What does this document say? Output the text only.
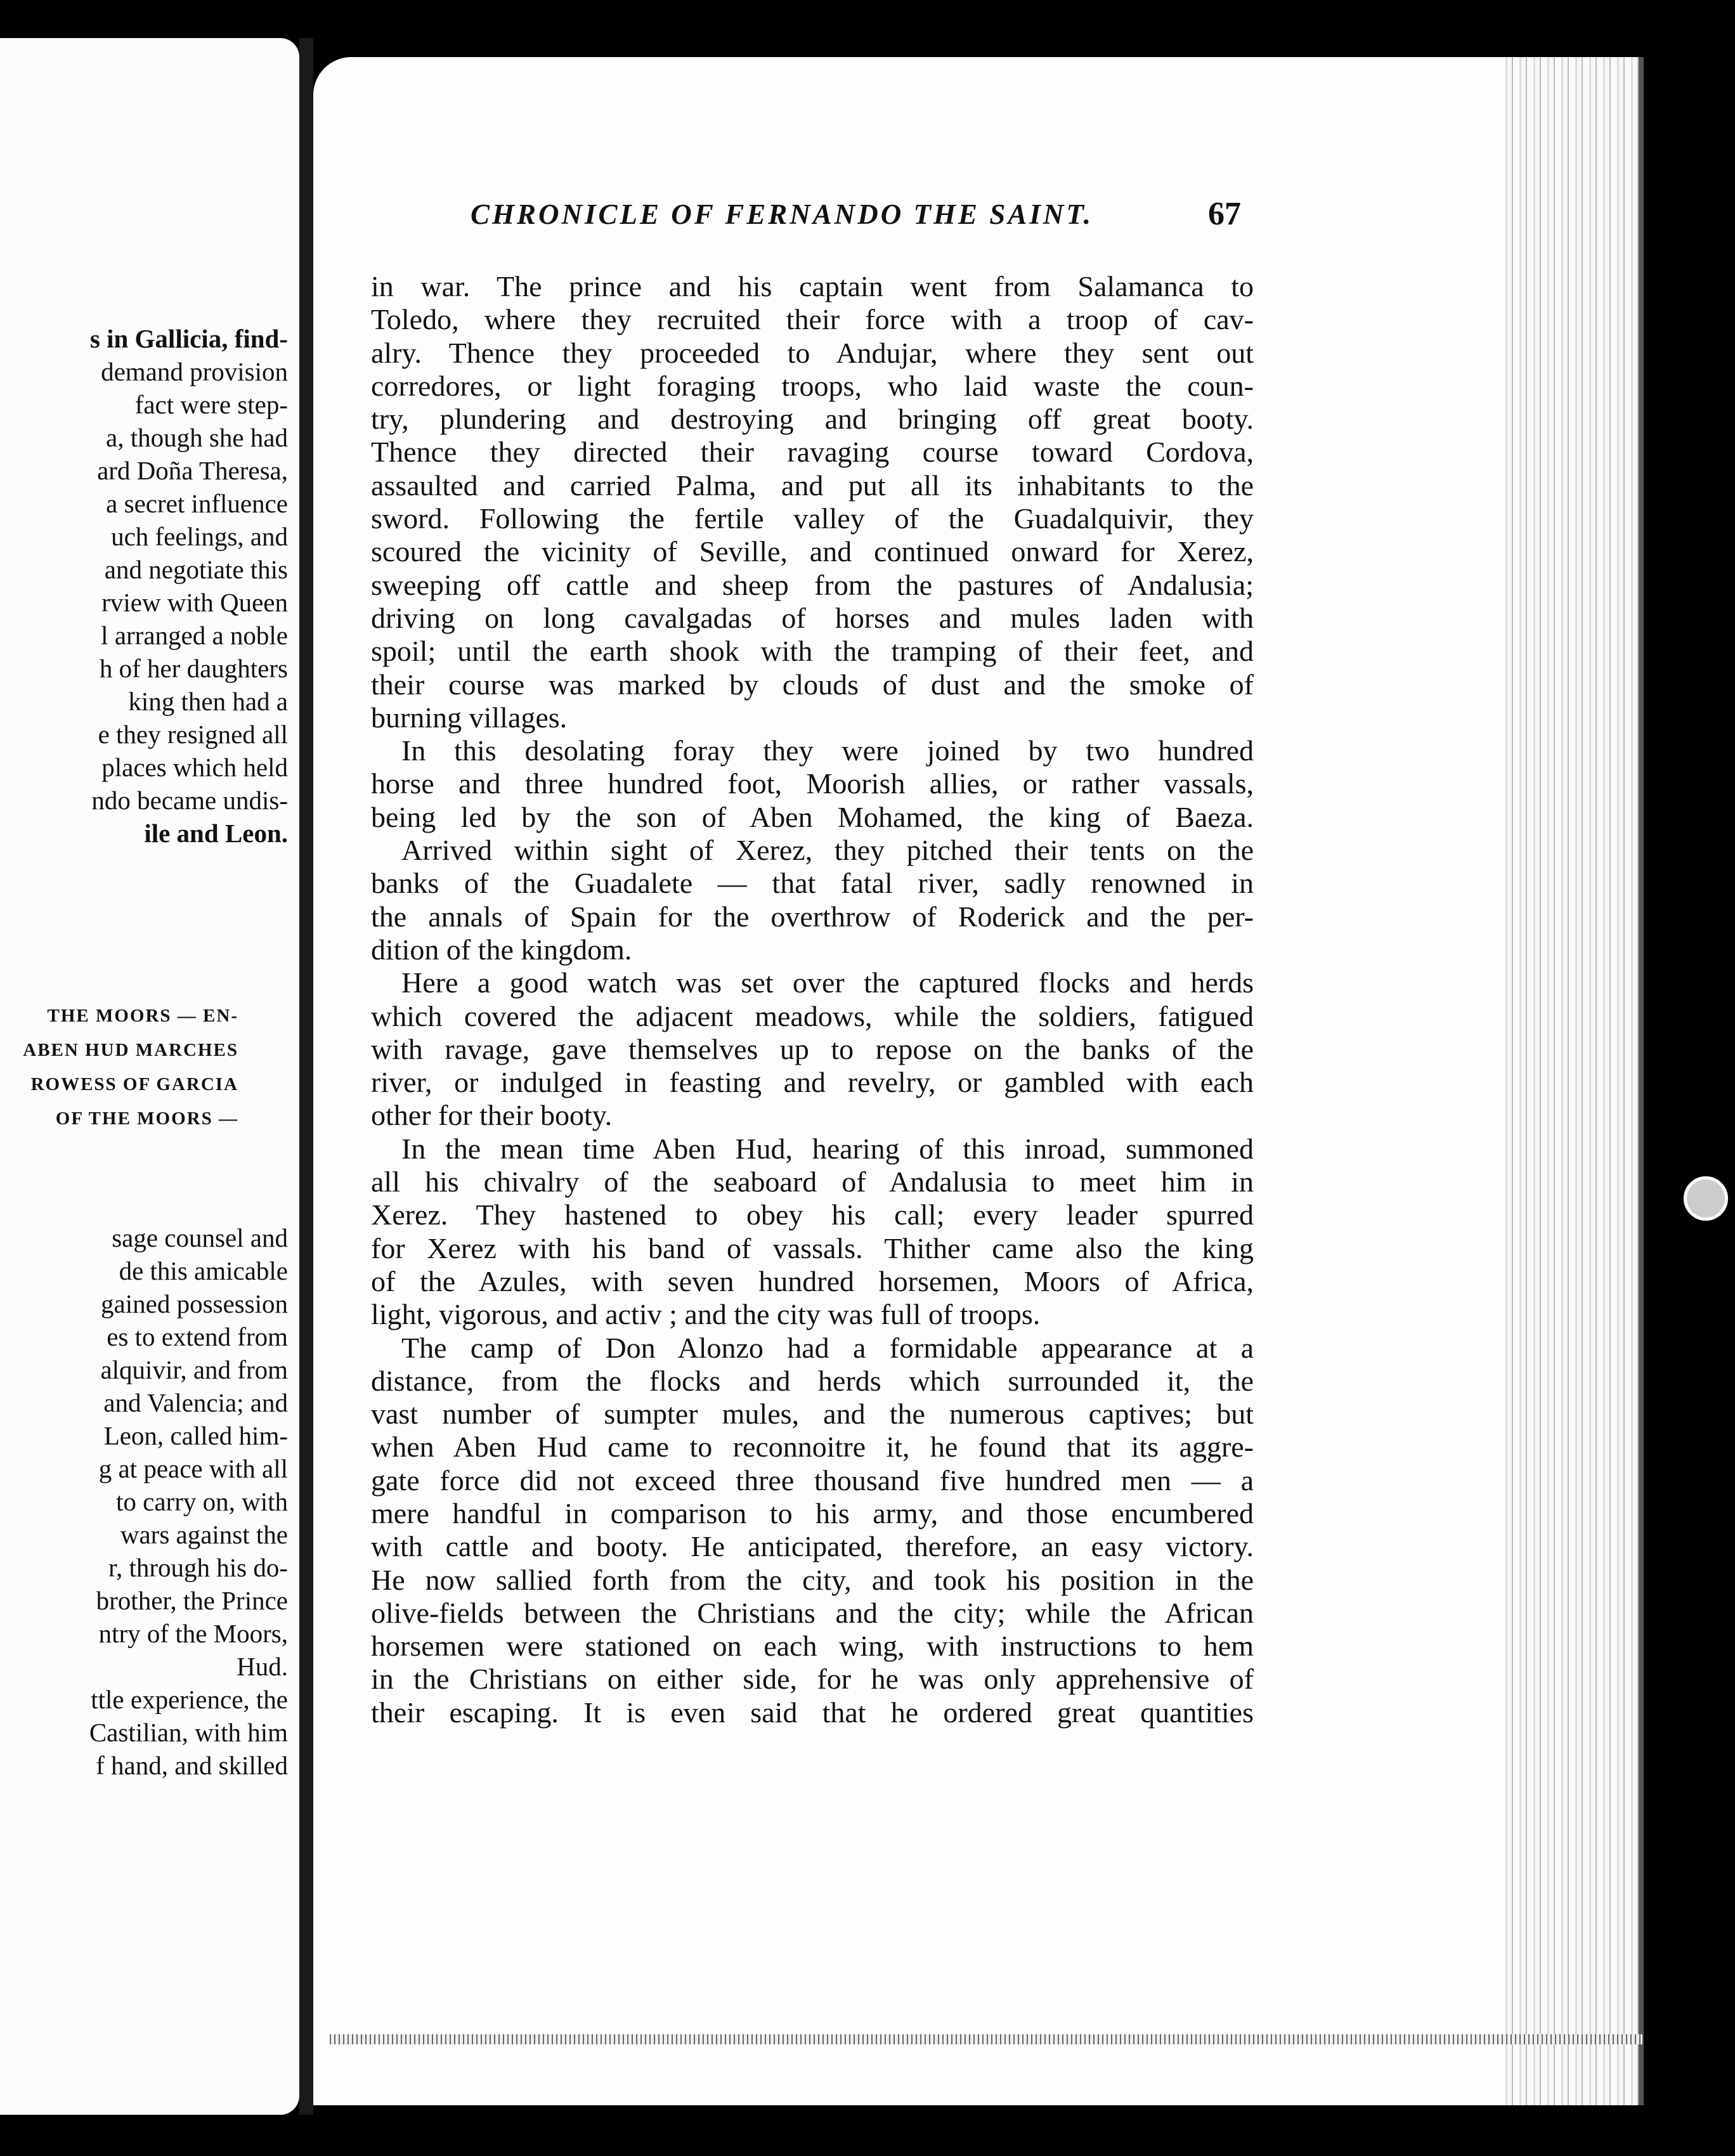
s in Gallicia, find-
demand provision
fact were step-
a, though she had
ard Doña Theresa,
a secret influence
uch feelings, and
and negotiate this
rview with Queen
l arranged a noble
h of her daughters
king then had a
e they resigned all
places which held
ndo became undis-
ile and Leon.
THE MOORS — EN-
ABEN HUD MARCHES
ROWESS OF GARCIA
OF THE MOORS —
sage counsel and
de this amicable
gained possession
es to extend from
alquivir, and from
and Valencia; and
Leon, called him-
g at peace with all
to carry on, with
wars against the
r, through his do-
brother, the Prince
ntry of the Moors,
Hud.
ttle experience, the
Castilian, with him
f hand, and skilled
CHRONICLE OF FERNANDO THE SAINT.	67
in war. The prince and his captain went from Salamanca to
Toledo, where they recruited their force with a troop of cav-
alry. Thence they proceeded to Andujar, where they sent out
corredores, or light foraging troops, who laid waste the coun-
try, plundering and destroying and bringing off great booty.
Thence they directed their ravaging course toward Cordova,
assaulted and carried Palma, and put all its inhabitants to the
sword. Following the fertile valley of the Guadalquivir, they
scoured the vicinity of Seville, and continued onward for Xerez,
sweeping off cattle and sheep from the pastures of Andalusia;
driving on long cavalgadas of horses and mules laden with
spoil; until the earth shook with the tramping of their feet, and
their course was marked by clouds of dust and the smoke of
burning villages.
In this desolating foray they were joined by two hundred
horse and three hundred foot, Moorish allies, or rather vassals,
being led by the son of Aben Mohamed, the king of Baeza.
Arrived within sight of Xerez, they pitched their tents on the
banks of the Guadalete — that fatal river, sadly renowned in
the annals of Spain for the overthrow of Roderick and the per-
dition of the kingdom.
Here a good watch was set over the captured flocks and herds
which covered the adjacent meadows, while the soldiers, fatigued
with ravage, gave themselves up to repose on the banks of the
river, or indulged in feasting and revelry, or gambled with each
other for their booty.
In the mean time Aben Hud, hearing of this inroad, summoned
all his chivalry of the seaboard of Andalusia to meet him in
Xerez. They hastened to obey his call; every leader spurred
for Xerez with his band of vassals. Thither came also the king
of the Azules, with seven hundred horsemen, Moors of Africa,
light, vigorous, and activ ; and the city was full of troops.
The camp of Don Alonzo had a formidable appearance at a
distance, from the flocks and herds which surrounded it, the
vast number of sumpter mules, and the numerous captives; but
when Aben Hud came to reconnoitre it, he found that its aggre-
gate force did not exceed three thousand five hundred men — a
mere handful in comparison to his army, and those encumbered
with cattle and booty. He anticipated, therefore, an easy victory.
He now sallied forth from the city, and took his position in the
olive-fields between the Christians and the city; while the African
horsemen were stationed on each wing, with instructions to hem
in the Christians on either side, for he was only apprehensive of
their escaping. It is even said that he ordered great quantities
